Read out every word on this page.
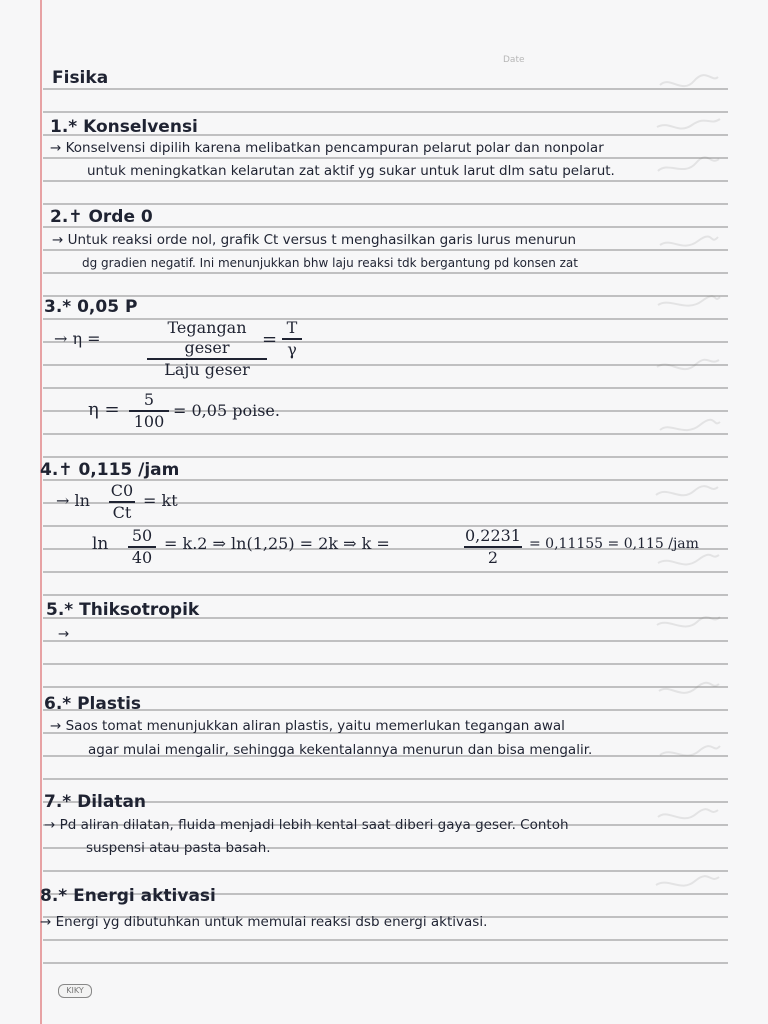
Date
Fisika
1.* Konselvensi
→ Konselvensi dipilih karena melibatkan pencampuran pelarut polar dan nonpolar
untuk meningkatkan kelarutan zat aktif yg sukar untuk larut dlm satu pelarut.
2.✝ Orde 0
→ Untuk reaksi orde nol, grafik Ct versus t menghasilkan garis lurus menurun
dg gradien negatif. Ini menunjukkan bhw laju reaksi tdk bergantung pd konsen zat
3.* 0,05 P
→ η =
Tegangan geser
Laju geser
=
T
γ
η =	5
100
= 0,05 poise.
4.✝ 0,115 /jam
→ ln
C0
Ct
= kt
ln 50
40
= k.2 ⇒ ln(1,25) = 2k ⇒ k =	0,2231
2
= 0,11155 = 0,115 /jam
5.* Thiksotropik
→
6.* Plastis
→ Saos tomat menunjukkan aliran plastis, yaitu memerlukan tegangan awal
agar mulai mengalir, sehingga kekentalannya menurun dan bisa mengalir.
7.* Dilatan
→ Pd aliran dilatan, fluida menjadi lebih kental saat diberi gaya geser. Contoh
suspensi atau pasta basah.
8.* Energi aktivasi
→ Energi yg dibutuhkan untuk memulai reaksi dsb energi aktivasi.
KIKY
